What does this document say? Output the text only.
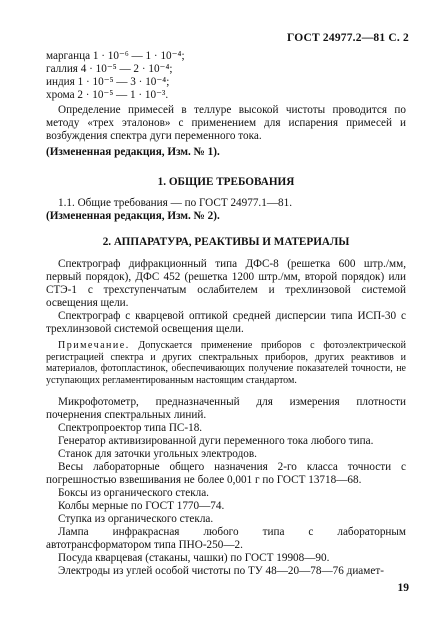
ГОСТ 24977.2—81 С. 2
марганца 1 · 10⁻⁶ — 1 · 10⁻⁴;
галлия 4 · 10⁻⁵ — 2 · 10⁻⁴;
индия 1 · 10⁻⁵ — 3 · 10⁻⁴;
хрома 2 · 10⁻⁵ — 1 · 10⁻³.
Определение примесей в теллуре высокой чистоты проводится по методу «трех эталонов» с применением для испарения примесей и возбуждения спектра дуги переменного тока.
(Измененная редакция, Изм. № 1).
1. ОБЩИЕ ТРЕБОВАНИЯ
1.1. Общие требования — по ГОСТ 24977.1—81.
(Измененная редакция, Изм. № 2).
2. АППАРАТУРА, РЕАКТИВЫ И МАТЕРИАЛЫ
Спектрограф дифракционный типа ДФС-8 (решетка 600 штр./мм, первый порядок), ДФС 452 (решетка 1200 штр./мм, второй порядок) или СТЭ-1 с трехступенчатым ослабителем и трехлинзовой системой освещения щели.
Спектрограф с кварцевой оптикой средней дисперсии типа ИСП-30 с трехлинзовой системой освещения щели.
Примечание. Допускается применение приборов с фотоэлектрической регистрацией спектра и других спектральных приборов, других реактивов и материалов, фотопластинок, обеспечивающих получение показателей точности, не уступающих регламентированным настоящим стандартом.
Микрофотометр, предназначенный для измерения плотности почернения спектральных линий.
Спектропроектор типа ПС-18.
Генератор активизированной дуги переменного тока любого типа.
Станок для заточки угольных электродов.
Весы лабораторные общего назначения 2-го класса точности с погрешностью взвешивания не более 0,001 г по ГОСТ 13718—68.
Боксы из органического стекла.
Колбы мерные по ГОСТ 1770—74.
Ступка из органического стекла.
Лампа инфракрасная любого типа с лабораторным автотрансформатором типа ПНО-250—2.
Посуда кварцевая (стаканы, чашки) по ГОСТ 19908—90.
Электроды из углей особой чистоты по ТУ 48—20—78—76 диамет-
19
